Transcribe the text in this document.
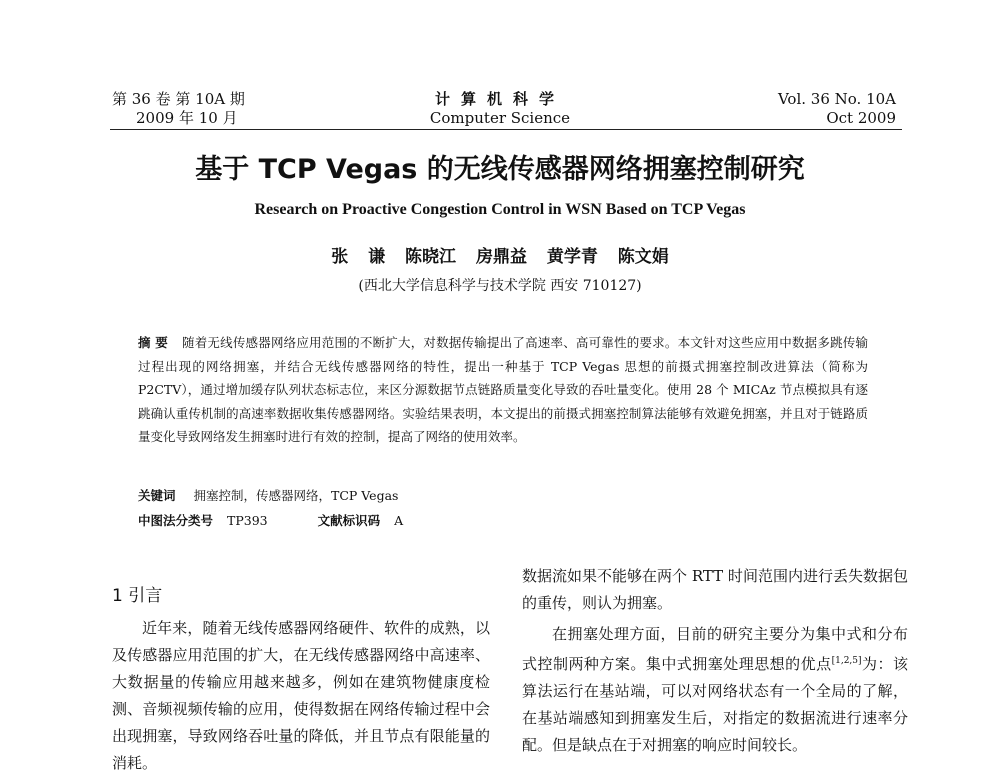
第 36 卷 第 10A 期
2009 年 10 月
计算机科学
Computer Science
Vol. 36 No. 10A
Oct 2009
基于 TCP Vegas 的无线传感器网络拥塞控制研究
Research on Proactive Congestion Control in WSN Based on TCP Vegas
张 谦 陈晓江 房鼎益 黄学青 陈文娟
(西北大学信息科学与技术学院 西安 710127)
摘 要 随着无线传感器网络应用范围的不断扩大，对数据传输提出了高速率、高可靠性的要求。本文针对这些应用中数据多跳传输过程出现的网络拥塞，并结合无线传感器网络的特性，提出一种基于 TCP Vegas 思想的前摄式拥塞控制改进算法（简称为 P2CTV），通过增加缓存队列状态标志位，来区分源数据节点链路质量变化导致的吞吐量变化。使用 28 个 MICAz 节点模拟具有逐跳确认重传机制的高速率数据收集传感器网络。实验结果表明，本文提出的前摄式拥塞控制算法能够有效避免拥塞，并且对于链路质量变化导致网络发生拥塞时进行有效的控制，提高了网络的使用效率。
关键词 拥塞控制，传感器网络，TCP Vegas
中图法分类号 TP393	文献标识码 A
1 引言

近年来，随着无线传感器网络硬件、软件的成熟，以及传感器应用范围的扩大，在无线传感器网络中高速率、大数据量的传输应用越来越多，例如在建筑物健康度检测、音频视频传输的应用，使得数据在网络传输过程中会出现拥塞，导致网络吞吐量的降低，并且节点有限能量的消耗。

数据流如果不能够在两个 RTT 时间范围内进行丢失数据包的重传，则认为拥塞。

在拥塞处理方面，目前的研究主要分为集中式和分布式控制两种方案。集中式拥塞处理思想的优点[1,2,5]为：该算法运行在基站端，可以对网络状态有一个全局的了解，在基站端感知到拥塞发生后，对指定的数据流进行速率分配。但是缺点在于对拥塞的响应时间较长。
